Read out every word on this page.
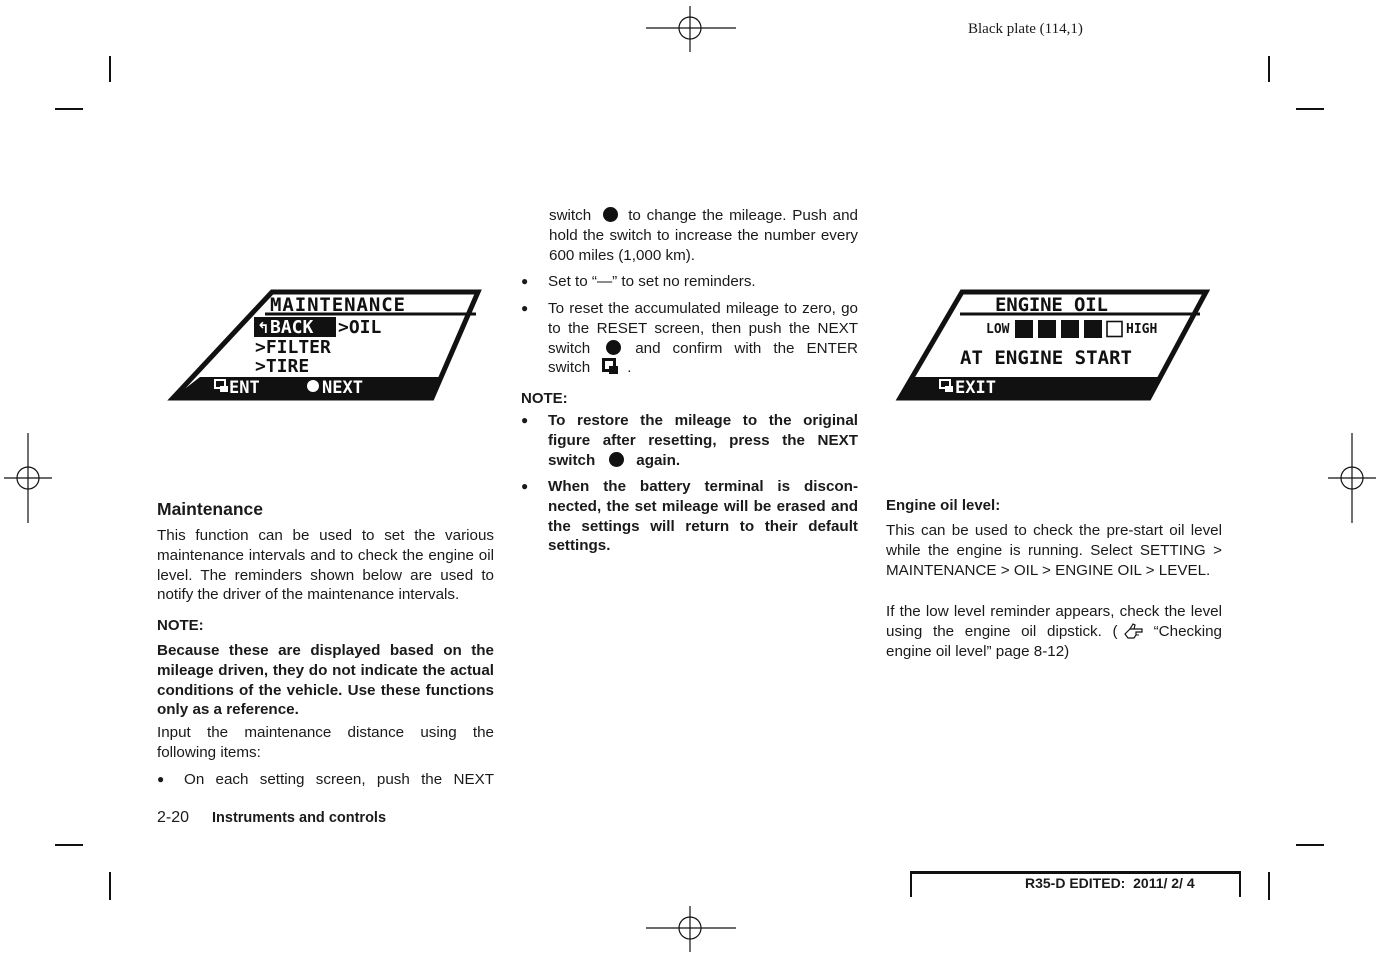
Black plate (114,1)
MAINTENANCE
↰ BACK >OIL
>FILTER
>TIRE
ENT	NEXT
Maintenance

This function can be used to set the various maintenance intervals and to check the engine oil level. The reminders shown below are used to notify the driver of the maintenance intervals.

NOTE:

Because these are displayed based on the mileage driven, they do not indicate the actual conditions of the vehicle. Use these functions only as a reference.

Input the maintenance distance using the following items:

●	On each setting screen, push the NEXT
2-20 Instruments and controls

switch to change the mileage. Push and hold the switch to increase the number every 600 miles (1,000 km).

●	Set to “—” to set no reminders.
●	To reset the accumulated mileage to zero, go to the RESET screen, then push the NEXT switch	and confirm with the ENTER switch .

NOTE:
●	To restore the mileage to the original figure after resetting, press the NEXT switch	again.

●	When the battery terminal is discon-nected, the set mileage will be erased and the settings will return to their default settings.

ENGINE OIL
LOW	HIGH
AT ENGINE START
EXIT
Engine oil level:

This can be used to check the pre-start oil level while the engine is running. Select SETTING > MAINTENANCE > OIL > ENGINE OIL > LEVEL.

If the low level reminder appears, check the level using the engine oil dipstick. ( “Checking engine oil level” page 8-12)

R35-D EDITED:  2011/ 2/ 4
